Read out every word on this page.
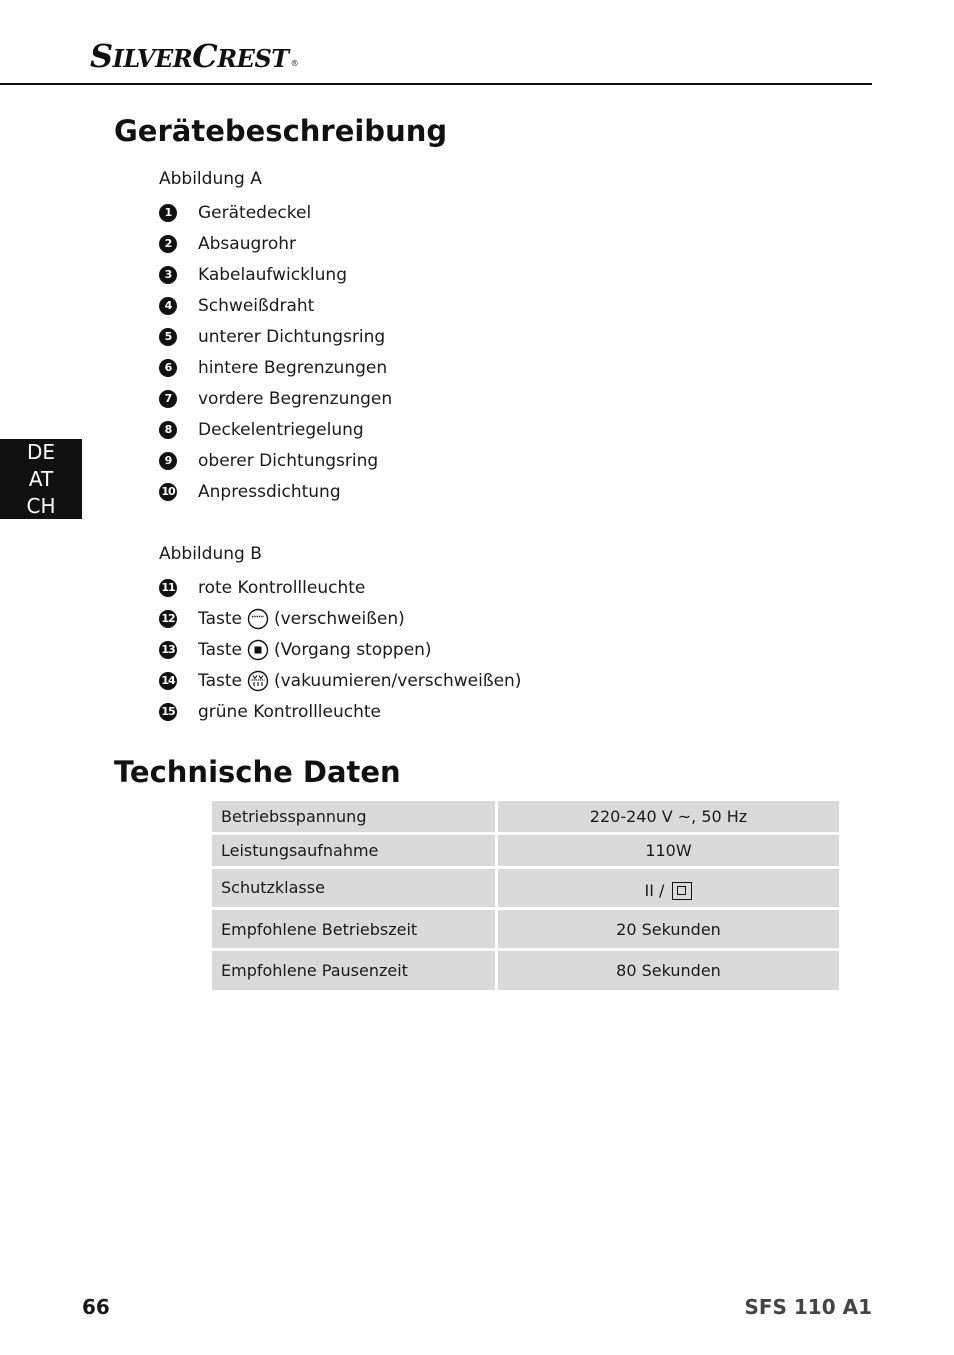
SILVERCREST ®
DE
AT
CH
Gerätebeschreibung
Abbildung A
1	Gerätedeckel
2	Absaugrohr
3	Kabelaufwicklung
4	Schweißdraht
5	unterer Dichtungsring
6	hintere Begrenzungen
7	vordere Begrenzungen
8	Deckelentriegelung
9	oberer Dichtungsring
10 Anpressdichtung
Abbildung B
11 rote Kontrollleuchte
12 Taste (verschweißen)
13 Taste (Vorgang stoppen)
14 Taste (vakuumieren/verschweißen)
15 grüne Kontrollleuchte
Technische Daten
Betriebsspannung	220-240 V ~, 50 Hz
Leistungsaufnahme	110W
Schutzklasse	II /
Empfohlene Betriebszeit	20 Sekunden
Empfohlene Pausenzeit	80 Sekunden
66	SFS 110 A1
